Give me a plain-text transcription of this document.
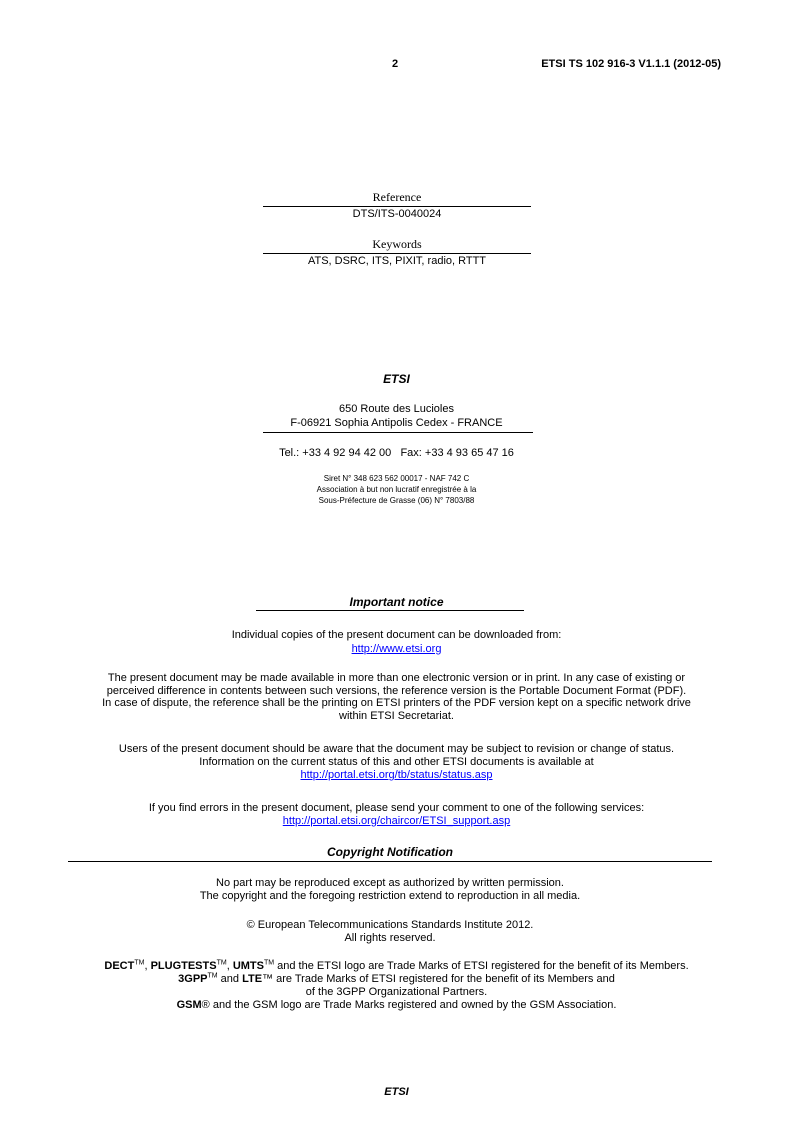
2	ETSI TS 102 916-3 V1.1.1 (2012-05)
Reference
DTS/ITS-0040024
Keywords
ATS, DSRC, ITS, PIXIT, radio, RTTT
ETSI
650 Route des Lucioles
F-06921 Sophia Antipolis Cedex - FRANCE
Tel.: +33 4 92 94 42 00   Fax: +33 4 93 65 47 16
Siret N° 348 623 562 00017 - NAF 742 C
Association à but non lucratif enregistrée à la
Sous-Préfecture de Grasse (06) N° 7803/88
Important notice
Individual copies of the present document can be downloaded from:
http://www.etsi.org

The present document may be made available in more than one electronic version or in print. In any case of existing or

perceived difference in contents between such versions, the reference version is the Portable Document Format (PDF).

In case of dispute, the reference shall be the printing on ETSI printers of the PDF version kept on a specific network drive

within ETSI Secretariat.

Users of the present document should be aware that the document may be subject to revision or change of status.

Information on the current status of this and other ETSI documents is available at

http://portal.etsi.org/tb/status/status.asp

If you find errors in the present document, please send your comment to one of the following services:

http://portal.etsi.org/chaircor/ETSI_support.asp

Copyright Notification

No part may be reproduced except as authorized by written permission.

The copyright and the foregoing restriction extend to reproduction in all media.

© European Telecommunications Standards Institute 2012.

All rights reserved.

DECT™, PLUGTESTS™, UMTS™ and the ETSI logo are Trade Marks of ETSI registered for the benefit of its Members.

3GPP™ and LTE™ are Trade Marks of ETSI registered for the benefit of its Members and

of the 3GPP Organizational Partners.

GSM® and the GSM logo are Trade Marks registered and owned by the GSM Association.

ETSI
